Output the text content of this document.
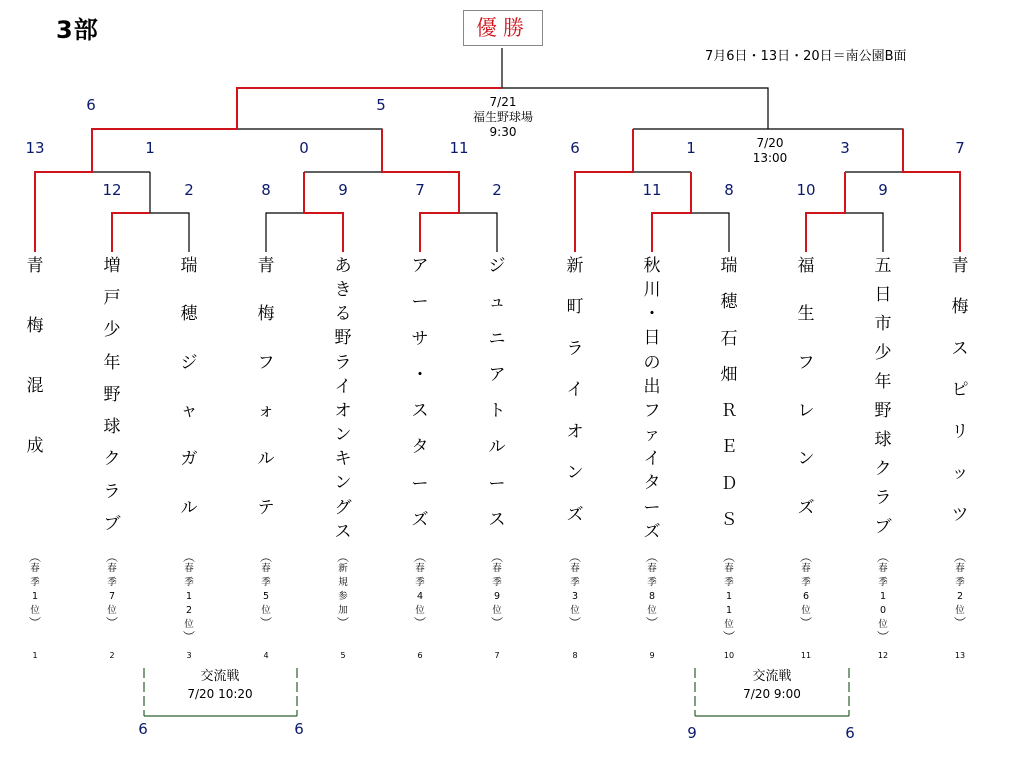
3部	優勝
7月6日・13日・20日＝南公園B面
7/21
福生野球場
9:30
7/20
13:00
6	5
13	1	0	11	6	1	3	7
12	2	8	9	7	2	11	8	10	9
青
梅
混
成
︵
春
季
1
位
︶
1
増
戸
少
年
野
球
ク
ラ
ブ
︵
春
季
7
位
︶
2
瑞
穂
ジ
ャ
ガ
ル
︵
春
季
1
2
位
︶
3
青
梅
フ
ォ
ル
テ
︵
春
季
5
位
︶
4
あ
き
る
野
ラ
イ
オ
ン
キ
ン
グ
ス
︵
新
規
参
加
︶
5
ア
ー
サ
・
ス
タ
ー
ズ
︵
春
季
4
位
︶
6
ジ
ュ
ニ
ア
ト
ル
ー
ス
︵
春
季
9
位
︶
7
新
町
ラ
イ
オ
ン
ズ
︵
春
季
3
位
︶
8
秋
川
・
日
の
出
フ
ァ
イ
タ
ー
ズ
︵
春
季
8
位
︶
9
瑞
穂
石
畑
Ｒ
Ｅ
Ｄ
Ｓ
︵
春
季
1
1
位
︶
10
福
生
フ
レ
ン
ズ
︵
春
季
6
位
︶
11
五
日
市
少
年
野
球
ク
ラ
ブ
︵
春
季
1
0
位
︶
12
青
梅
ス
ピ
リ
ッ
ツ
︵
春
季
2
位
︶
13
交流戦
7/20 10:20
6	6
交流戦
7/20 9:00
9	6
